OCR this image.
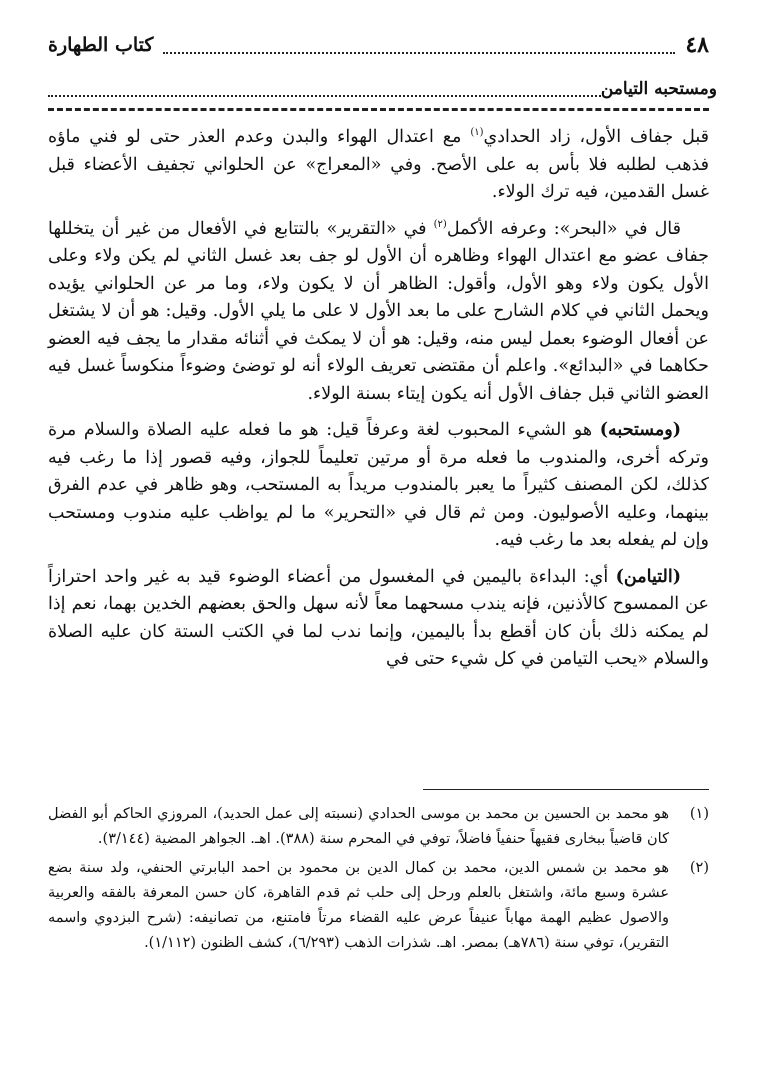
٤٨
كتاب الطهارة
ومستحبه التيامن

قبل جفاف الأول، زاد الحدادي$^{(١)}$ مع اعتدال الهواء والبدن وعدم العذر حتى لو فني ماؤه فذهب لطلبه فلا بأس به على الأصح. وفي «المعراج» عن الحلواني تجفيف الأعضاء قبل غسل القدمين، فيه ترك الولاء.

قال في «البحر»: وعرفه الأكمل$^{(٢)}$ في «التقرير» بالتتابع في الأفعال من غير أن يتخللها جفاف عضو مع اعتدال الهواء وظاهره أن الأول لو جف بعد غسل الثاني لم يكن ولاء وعلى الأول يكون ولاء وهو الأول، وأقول: الظاهر أن لا يكون ولاء، وما مر عن الحلواني يؤيده ويحمل الثاني في كلام الشارح على ما بعد الأول لا على ما يلي الأول. وقيل: هو أن لا يشتغل عن أفعال الوضوء بعمل ليس منه، وقيل: هو أن لا يمكث في أثنائه مقدار ما يجف فيه العضو حكاهما في «البدائع». واعلم أن مقتضى تعريف الولاء أنه لو توضئ وضوءاً منكوساً غسل فيه العضو الثاني قبل جفاف الأول أنه يكون إيتاء بسنة الولاء.

(ومستحبه) هو الشيء المحبوب لغة وعرفاً قيل: هو ما فعله عليه الصلاة والسلام مرة وتركه أخرى، والمندوب ما فعله مرة أو مرتين تعليماً للجواز، وفيه قصور إذا ما رغب فيه كذلك، لكن المصنف كثيراً ما يعبر بالمندوب مريداً به المستحب، وهو ظاهر في عدم الفرق بينهما، وعليه الأصوليون. ومن ثم قال في «التحرير» ما لم يواظب عليه مندوب ومستحب وإن لم يفعله بعد ما رغب فيه.

(التيامن) أي: البداءة باليمين في المغسول من أعضاء الوضوء قيد به غير واحد احترازاً عن الممسوح كالأذنين، فإنه يندب مسحهما معاً لأنه سهل والحق بعضهم الخدين بهما، نعم إذا لم يمكنه ذلك بأن كان أقطع بدأ باليمين، وإنما ندب لما في الكتب الستة كان عليه الصلاة والسلام «يحب التيامن في كل شيء حتى في

(١)
هو محمد بن الحسين بن محمد بن موسى الحدادي (نسبته إلى عمل الحديد)، المروزي الحاكم أبو الفضل كان قاضياً ببخارى فقيهاً حنفياً فاضلاً، توفي في المحرم سنة (٣٨٨). اهـ. الجواهر المضية (٣/١٤٤).
(٢)
هو محمد بن شمس الدين، محمد بن كمال الدين بن محمود بن احمد البابرتي الحنفي، ولد سنة بضع عشرة وسبع مائة، واشتغل بالعلم ورحل إلى حلب ثم قدم القاهرة، كان حسن المعرفة بالفقه والعربية والاصول عظيم الهمة مهاباً عنيفاً عرض عليه القضاء مرتاً فامتنع، من تصانيفه: (شرح البزدوي واسمه التقرير)، توفي سنة (٧٨٦هـ) بمصر. اهـ. شذرات الذهب (٦/٢٩٣)، كشف الظنون (١/١١٢).
